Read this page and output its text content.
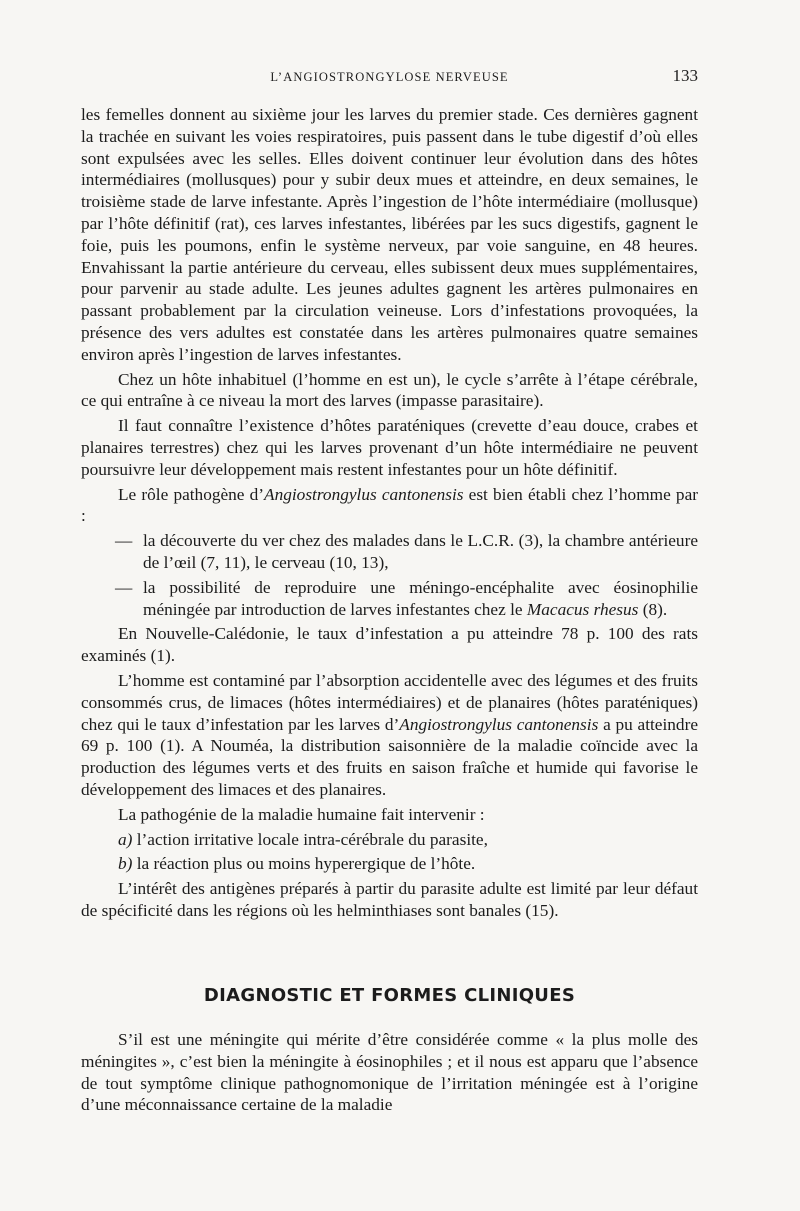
L’ANGIOSTRONGYLOSE NERVEUSE	133

les femelles donnent au sixième jour les larves du premier stade. Ces dernières gagnent la trachée en suivant les voies respiratoires, puis passent dans le tube digestif d’où elles sont expulsées avec les selles. Elles doivent continuer leur évolution dans des hôtes intermédiaires (mollusques) pour y subir deux mues et atteindre, en deux semaines, le troisième stade de larve infestante. Après l’ingestion de l’hôte intermédiaire (mollusque) par l’hôte définitif (rat), ces larves infestantes, libérées par les sucs digestifs, gagnent le foie, puis les poumons, enfin le système nerveux, par voie sanguine, en 48 heures. Envahissant la partie antérieure du cerveau, elles subissent deux mues supplémentaires, pour parvenir au stade adulte. Les jeunes adultes gagnent les artères pulmonaires en passant probablement par la circulation veineuse. Lors d’infestations provoquées, la présence des vers adultes est constatée dans les artères pulmonaires quatre semaines environ après l’ingestion de larves infestantes.

Chez un hôte inhabituel (l’homme en est un), le cycle s’arrête à l’étape cérébrale, ce qui entraîne à ce niveau la mort des larves (impasse parasitaire).

Il faut connaître l’existence d’hôtes paraténiques (crevette d’eau douce, crabes et planaires terrestres) chez qui les larves provenant d’un hôte intermédiaire ne peuvent poursuivre leur développement mais restent infestantes pour un hôte définitif.

Le rôle pathogène d’Angiostrongylus cantonensis est bien établi chez l’homme par :

— la découverte du ver chez des malades dans le L.C.R. (3), la chambre antérieure de l’œil (7, 11), le cerveau (10, 13),

— la possibilité de reproduire une méningo-encéphalite avec éosinophilie méningée par introduction de larves infestantes chez le Macacus rhesus (8).

En Nouvelle-Calédonie, le taux d’infestation a pu atteindre 78 p. 100 des rats examinés (1).

L’homme est contaminé par l’absorption accidentelle avec des légumes et des fruits consommés crus, de limaces (hôtes intermédiaires) et de planaires (hôtes paraténiques) chez qui le taux d’infestation par les larves d’Angiostrongylus cantonensis a pu atteindre 69 p. 100 (1). A Nouméa, la distribution saisonnière de la maladie coïncide avec la production des légumes verts et des fruits en saison fraîche et humide qui favorise le développement des limaces et des planaires.

La pathogénie de la maladie humaine fait intervenir :

a) l’action irritative locale intra-cérébrale du parasite,

b) la réaction plus ou moins hyperergique de l’hôte.

L’intérêt des antigènes préparés à partir du parasite adulte est limité par leur défaut de spécificité dans les régions où les helminthiases sont banales (15).

DIAGNOSTIC ET FORMES CLINIQUES

S’il est une méningite qui mérite d’être considérée comme « la plus molle des méningites », c’est bien la méningite à éosinophiles ; et il nous est apparu que l’absence de tout symptôme clinique pathognomonique de l’irritation méningée est à l’origine d’une méconnaissance certaine de la maladie
